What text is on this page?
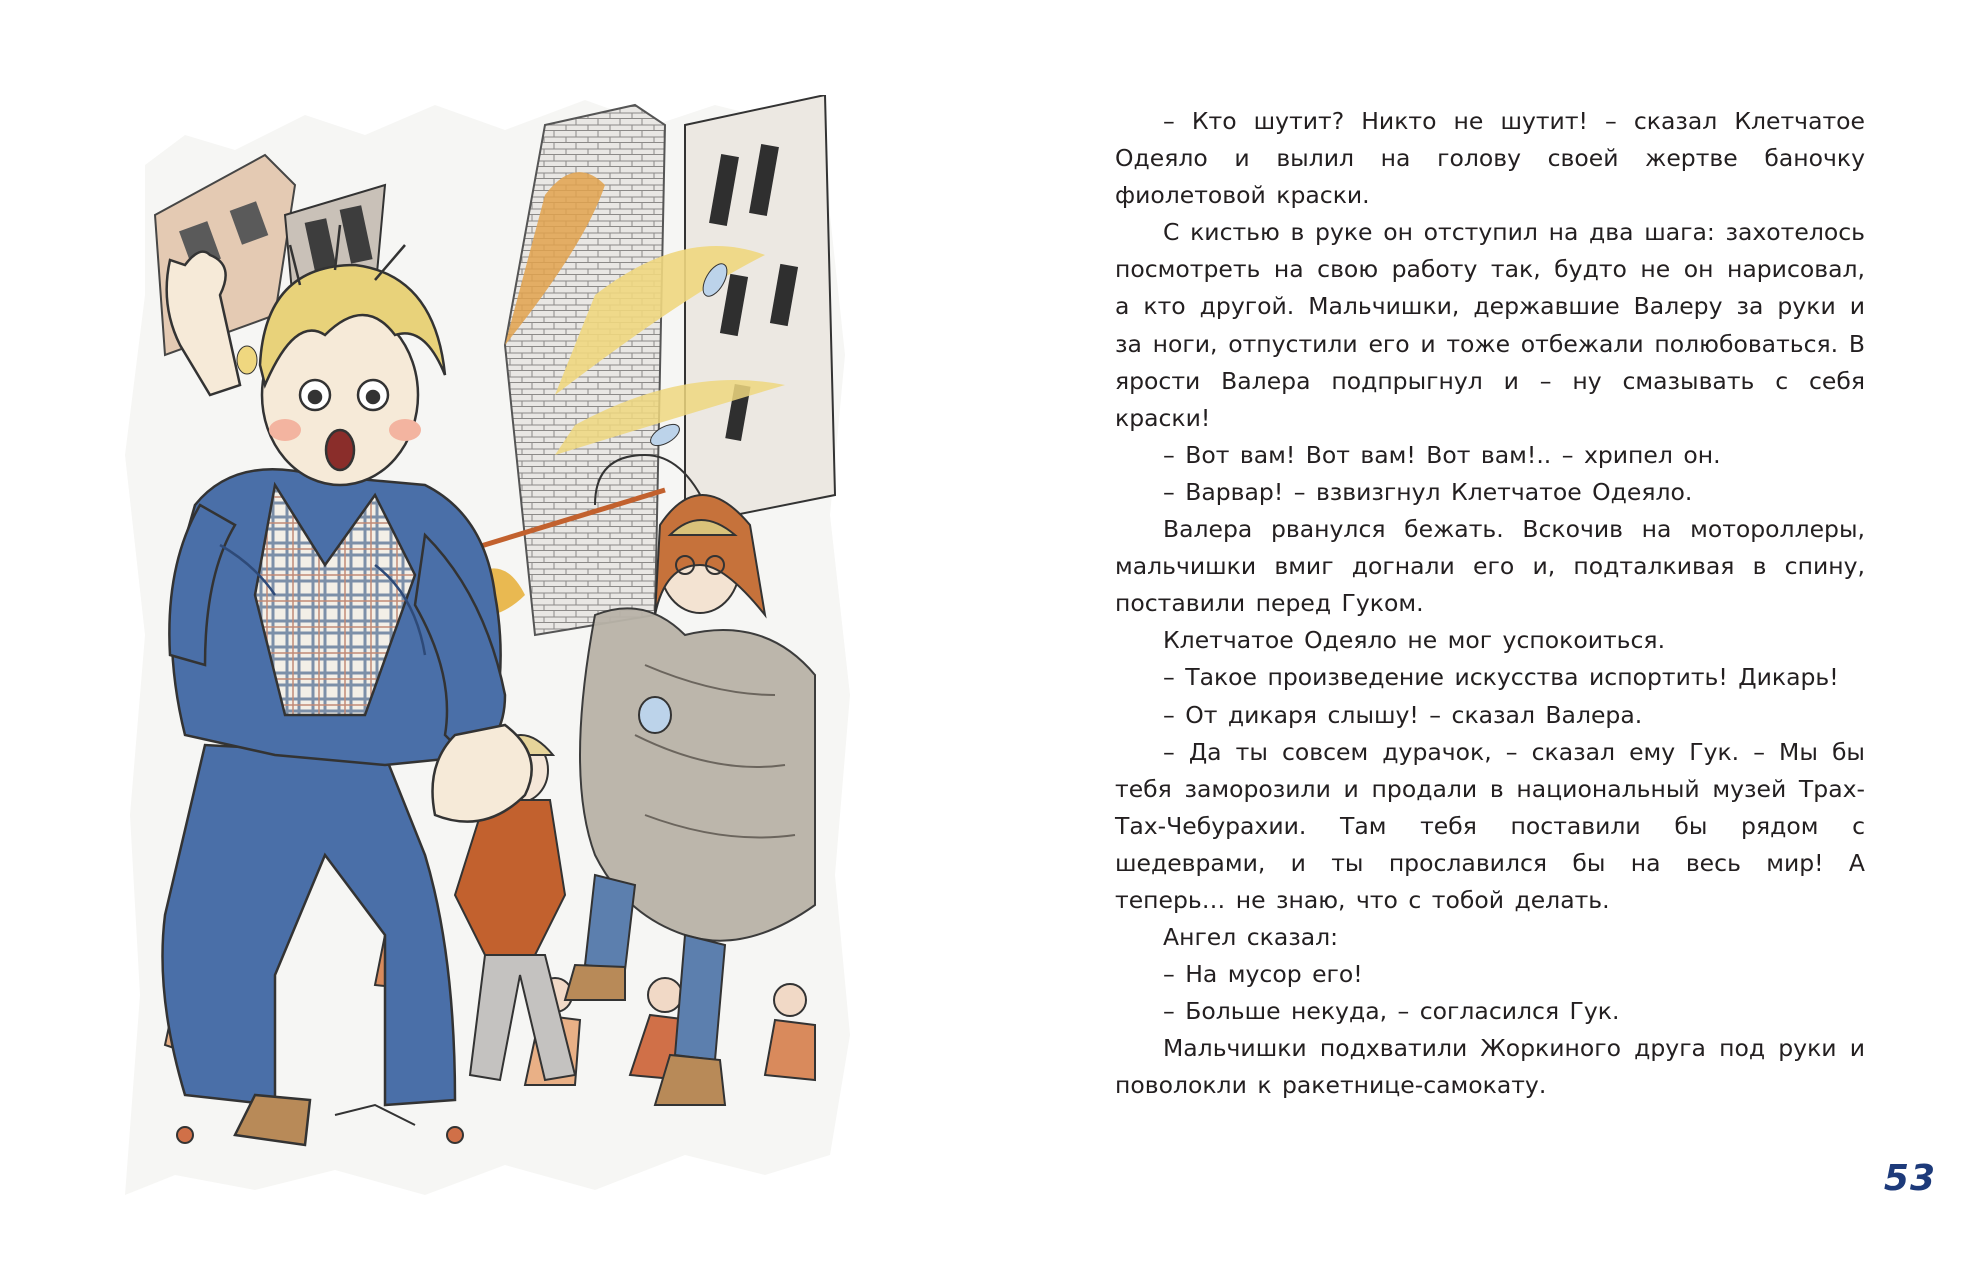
– Кто шутит? Никто не шутит! – сказал Клетчатое Одеяло и вылил на голову своей жертве баночку фиолетовой краски.

С кистью в руке он отступил на два шага: захотелось посмотреть на свою работу так, будто не он нарисовал, а кто другой. Мальчишки, державшие Валеру за руки и за ноги, отпустили его и тоже отбежали полюбоваться. В ярости Валера подпрыгнул и – ну смазывать с себя краски!

– Вот вам! Вот вам! Вот вам!.. – хрипел он.

– Варвар! – взвизгнул Клетчатое Одеяло.

Валера рванулся бежать. Вскочив на мотороллеры, мальчишки вмиг догнали его и, подталкивая в спину, поставили перед Гуком.

Клетчатое Одеяло не мог успокоиться.

– Такое произведение искусства испортить! Дикарь!

– От дикаря слышу! – сказал Валера.

– Да ты совсем дурачок, – сказал ему Гук. – Мы бы тебя заморозили и продали в национальный музей Трах-Тах-Чебурахии. Там тебя поставили бы рядом с шедеврами, и ты прославился бы на весь мир! А теперь… не знаю, что с тобой делать.

Ангел сказал:

– На мусор его!

– Больше некуда, – согласился Гук.

Мальчишки подхватили Жоркиного друга под руки и поволокли к ракетнице-самокату.

53
